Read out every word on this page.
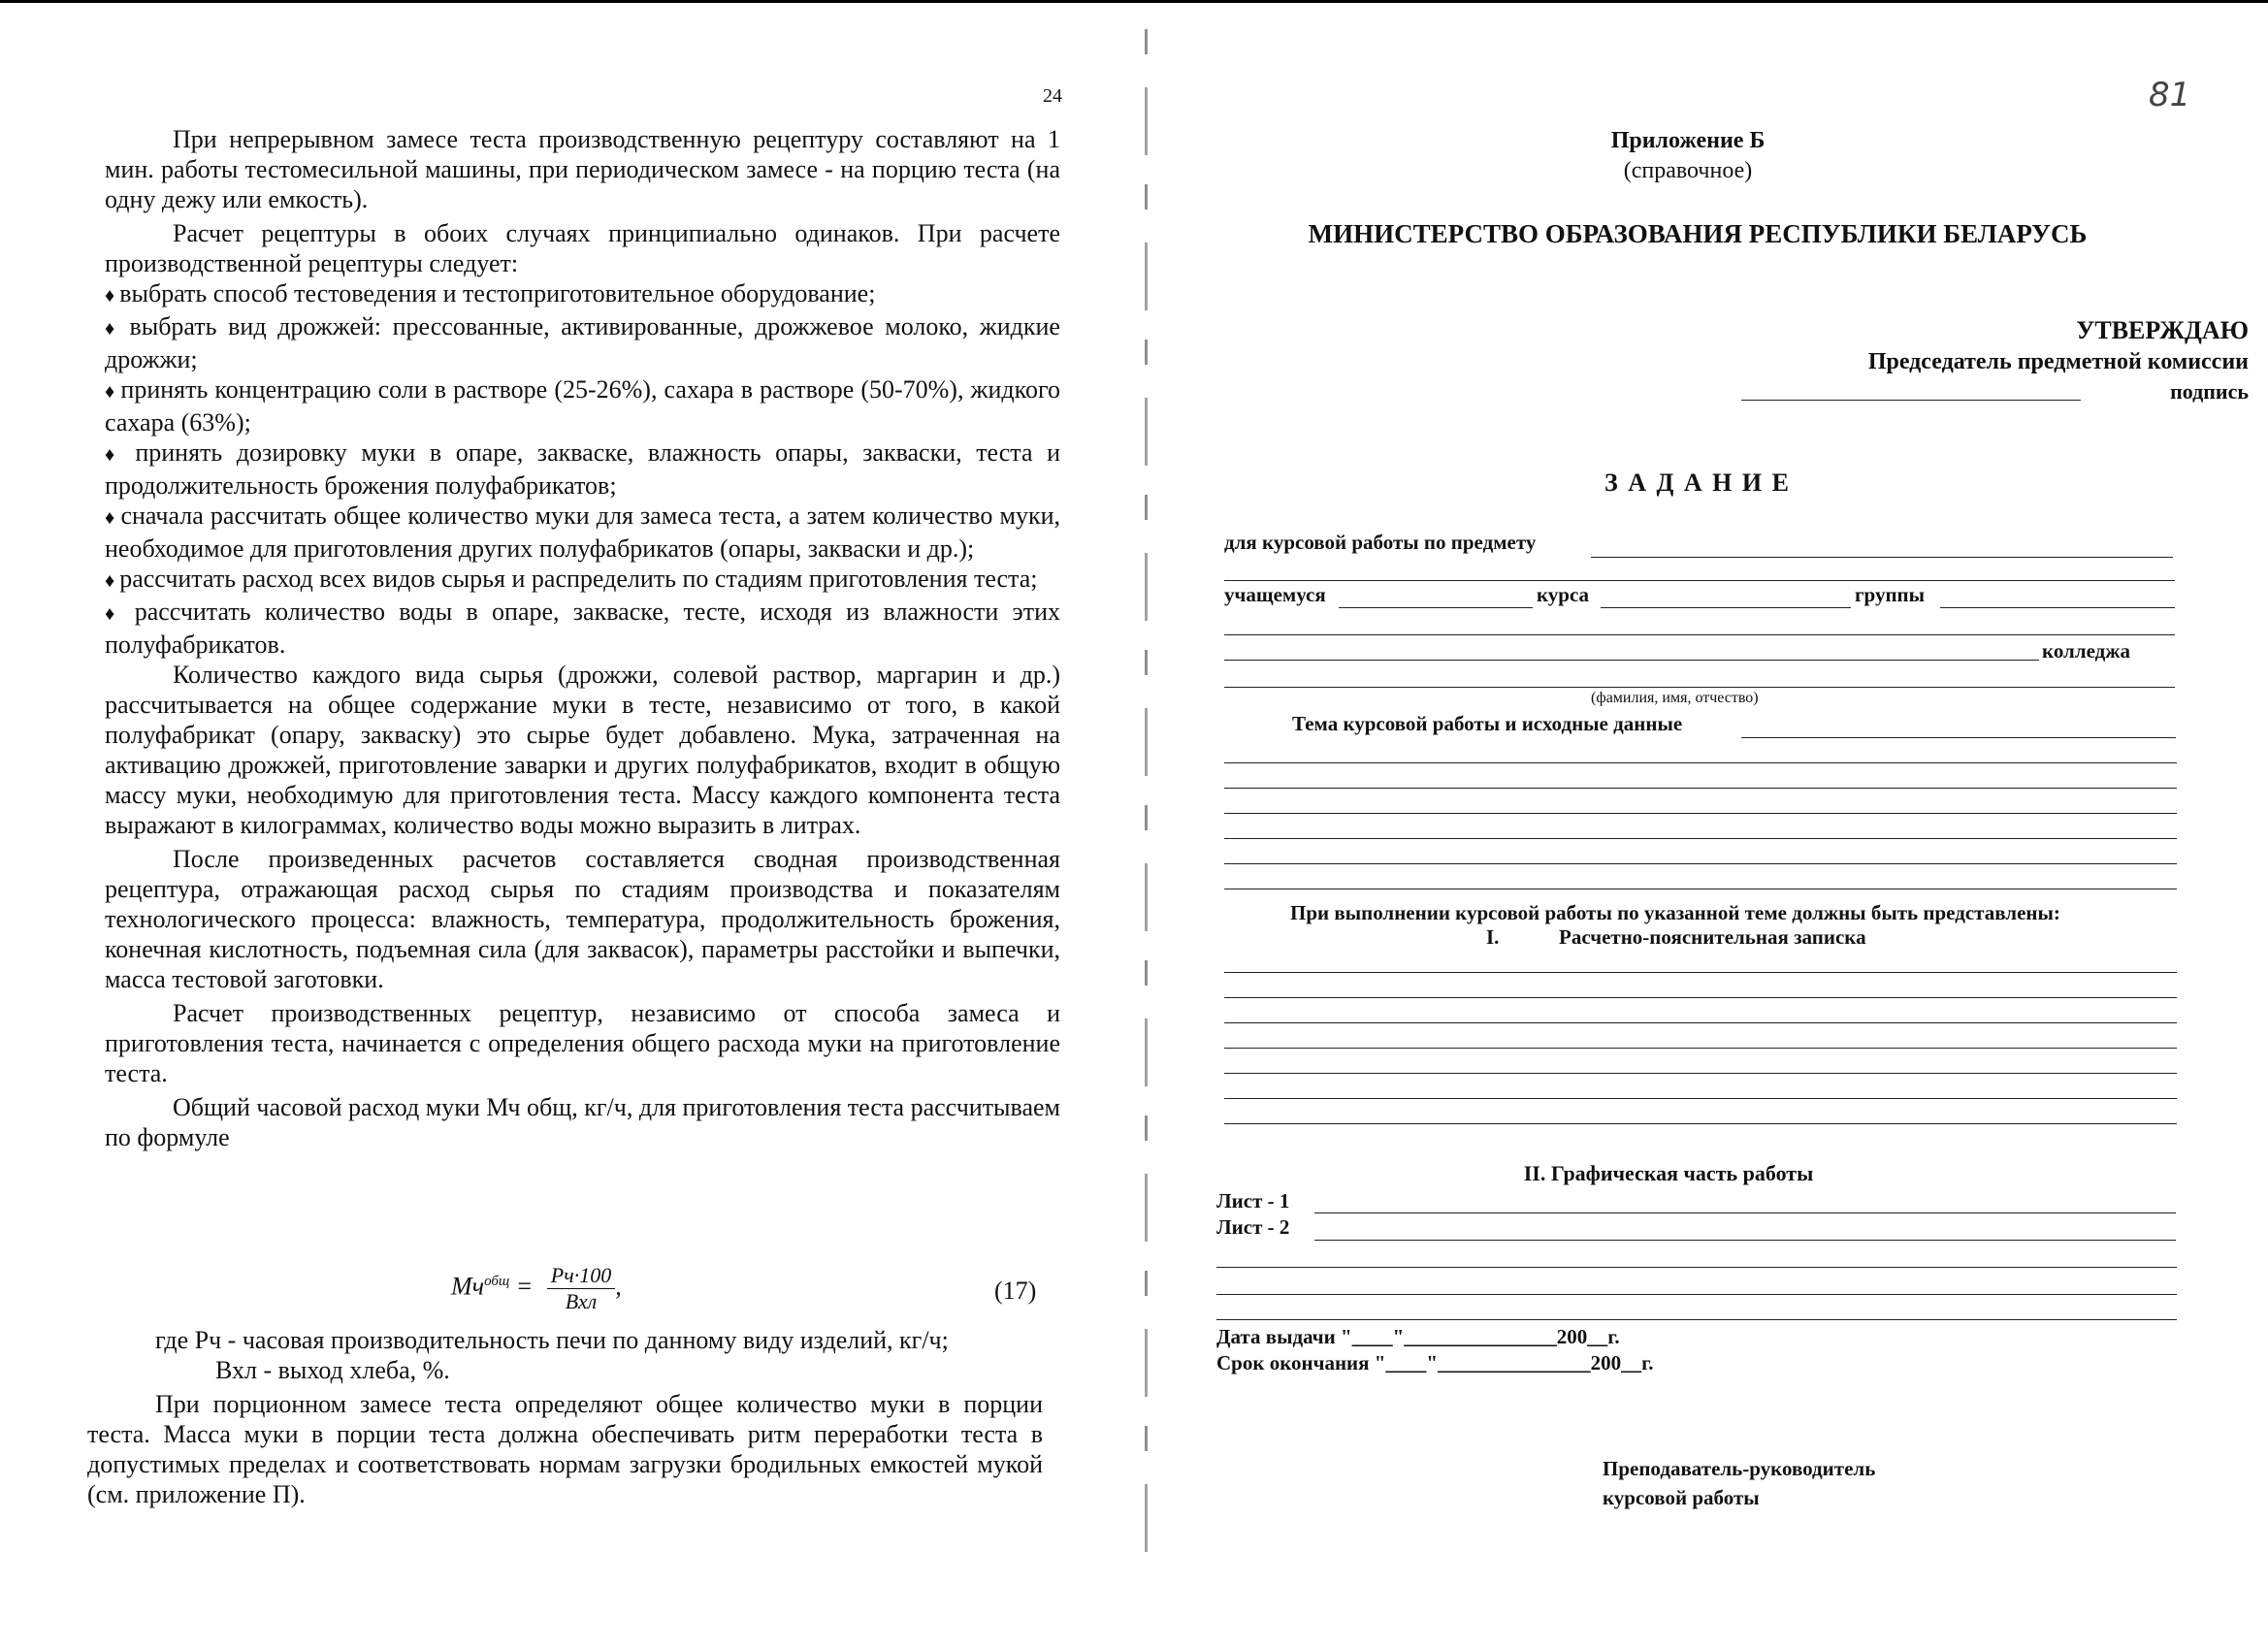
24

При непрерывном замесе теста производственную рецептуру составляют на 1 мин. работы тестомесильной машины, при периодическом замесе - на порцию теста (на одну дежу или емкость).

Расчет рецептуры в обоих случаях принципиально одинаков. При расчете производственной рецептуры следует:

♦ выбрать способ тестоведения и тестоприготовительное оборудование;

♦ выбрать вид дрожжей: прессованные, активированные, дрожжевое молоко, жидкие дрожжи;

♦ принять концентрацию соли в растворе (25-26%), сахара в растворе (50-70%), жидкого сахара (63%);

♦ принять дозировку муки в опаре, закваске, влажность опары, закваски, теста и продолжительность брожения полуфабрикатов;

♦ сначала рассчитать общее количество муки для замеса теста, а затем количество муки, необходимое для приготовления других полуфабрикатов (опары, закваски и др.);

♦ рассчитать расход всех видов сырья и распределить по стадиям приготовления теста;

♦ рассчитать количество воды в опаре, закваске, тесте, исходя из влажности этих полуфабрикатов.

Количество каждого вида сырья (дрожжи, солевой раствор, маргарин и др.) рассчитывается на общее содержание муки в тесте, независимо от того, в какой полуфабрикат (опару, закваску) это сырье будет добавлено. Мука, затраченная на активацию дрожжей, приготовление заварки и других полуфабрикатов, входит в общую массу муки, необходимую для приготовления теста. Массу каждого компонента теста выражают в килограммах, количество воды можно выразить в литрах.

После произведенных расчетов составляется сводная производственная рецептура, отражающая расход сырья по стадиям производства и показателям технологического процесса: влажность, температура, продолжительность брожения, конечная кислотность, подъемная сила (для заквасок), параметры расстойки и выпечки, масса тестовой заготовки.

Расчет производственных рецептур, независимо от способа замеса и приготовления теста, начинается с определения общего расхода муки на приготовление теста.

Общий часовой расход муки Мч общ, кг/ч, для приготовления теста рассчитываем по формуле

$Мч^{общ} = \frac{Рч\cdot 100}{\text{Вхл}}$ ,	(17)

где Рч - часовая производительность печи по данному виду изделий, кг/ч;

Вхл - выход хлеба, %.

При порционном замесе теста определяют общее количество муки в порции теста. Масса муки в порции теста должна обеспечивать ритм переработки теста в допустимых пределах и соответствовать нормам загрузки бродильных емкостей мукой (см. приложение П).

81
Приложение Б
(справочное)
МИНИСТЕРСТВО ОБРАЗОВАНИЯ РЕСПУБЛИКИ БЕЛАРУСЬ
УТВЕРЖДАЮ
Председатель предметной комиссии
подпись
З А Д А Н И Е
для курсовой работы по предмету
учащемуся	курса	группы
колледжа
(фамилия, имя, отчество)
Тема курсовой работы и исходные данные
При выполнении курсовой работы по указанной теме должны быть представлены:
I.	Расчетно-пояснительная записка
II. Графическая часть работы
Лист - 1
Лист - 2
Дата выдачи "____"_______________200__г.
Срок окончания "____"_______________200__г.
Преподаватель-руководитель
курсовой работы
